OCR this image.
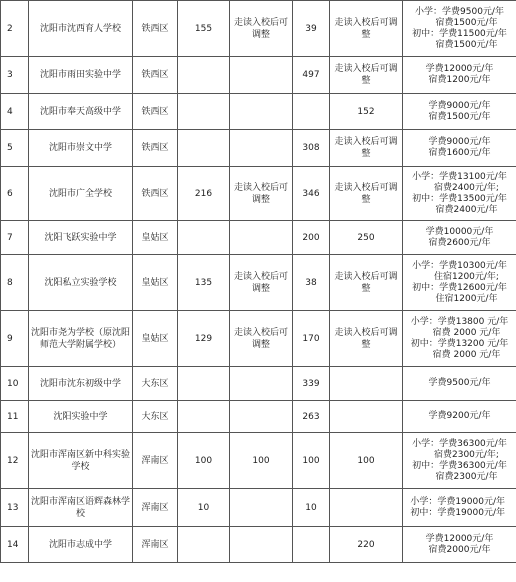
2	沈阳市沈西育人学校	铁西区	155	走读入校后可调整	39	走读入校后可调整	小学：学费9500元/年
宿费1500元/年
初中：学费11500元/年
宿费1500元/年

3	沈阳市雨田实验中学	铁西区			497	走读入校后可调整	学费12000元/年
宿费1200元/年

4	沈阳市奉天高级中学	铁西区				152	学费9000元/年
宿费1500元/年

5	沈阳市崇文中学	铁西区			308	走读入校后可调整	学费9000元/年
宿费1600元/年

6	沈阳市广全学校	铁西区	216	走读入校后可调整	346	走读入校后可调整	小学：学费13100元/年
宿费2400元/年;
初中：学费13500元/年
宿费2400元/年

7	沈阳飞跃实验中学	皇姑区			200	250	学费10000元/年
宿费2600元/年

8	沈阳私立实验学校	皇姑区	135	走读入校后可调整	38	走读入校后可调整	小学：学费10300元/年
住宿1200元/年;
初中：学费12600元/年
住宿1200元/年

9	沈阳市尧为学校（原沈阳师范大学附属学校）	皇姑区	129	走读入校后可调整	170	走读入校后可调整	小学：学费13800 元/年
宿费 2000 元/年
初中：学费13200 元/年
宿费 2000 元/年

10	沈阳市沈东初级中学	大东区			339		学费9500元/年

11	沈阳实验中学	大东区			263		学费9200元/年

12	沈阳市浑南区新中科实验学校	浑南区	100	100	100	100	小学：学费36300元/年
宿费2300元/年;
初中：学费36300元/年
宿费2300元/年

13	沈阳市浑南区语辉森林学校	浑南区	10		10		小学：学费19000元/年
初中：学费19000元/年

14	沈阳市志成中学	浑南区				220	学费12000元/年
宿费2000元/年
